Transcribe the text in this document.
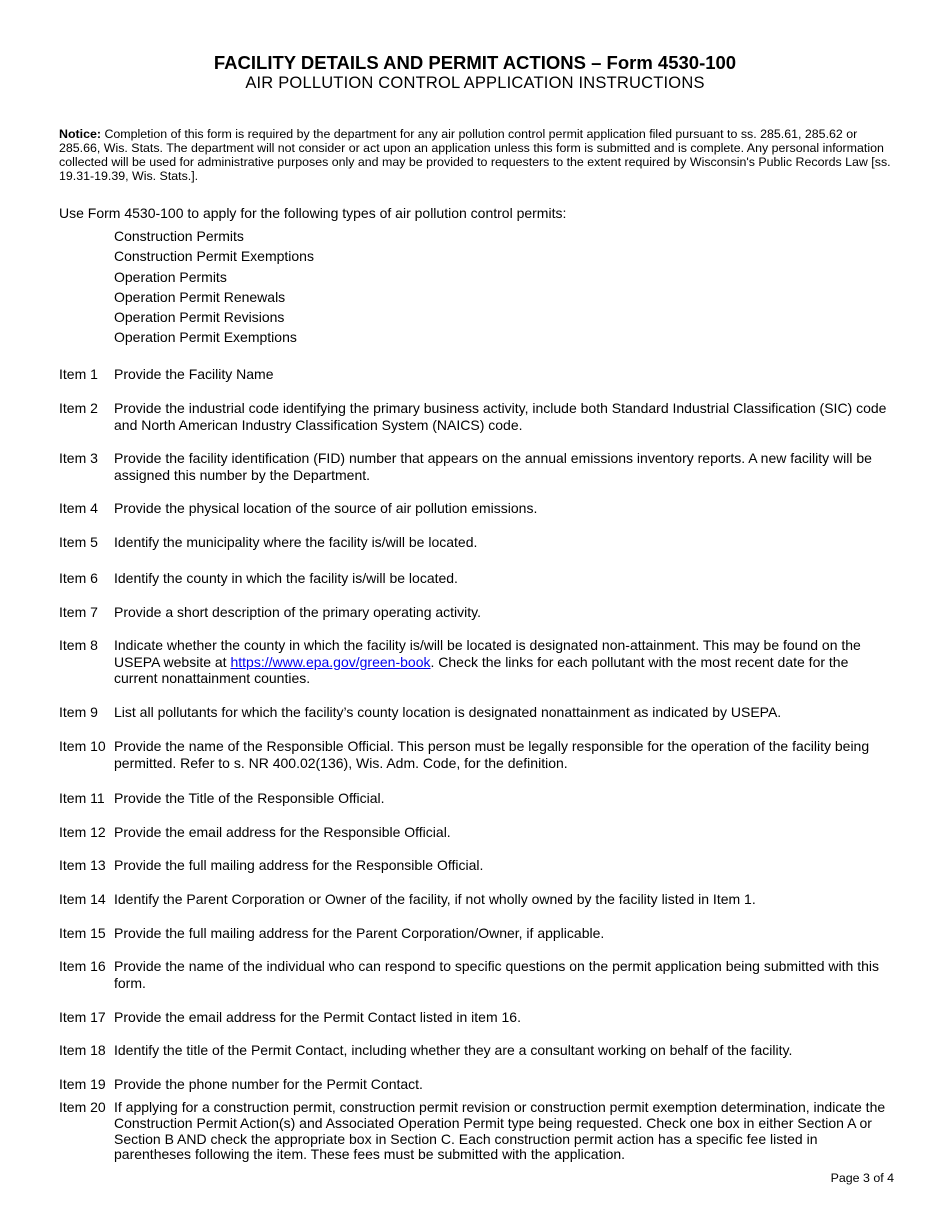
FACILITY DETAILS AND PERMIT ACTIONS – Form 4530-100
AIR POLLUTION CONTROL APPLICATION INSTRUCTIONS
Notice: Completion of this form is required by the department for any air pollution control permit application filed pursuant to ss. 285.61, 285.62 or 285.66, Wis. Stats. The department will not consider or act upon an application unless this form is submitted and is complete. Any personal information collected will be used for administrative purposes only and may be provided to requesters to the extent required by Wisconsin's Public Records Law [ss. 19.31-19.39, Wis. Stats.].
Use Form 4530-100 to apply for the following types of air pollution control permits:
Construction Permits
Construction Permit Exemptions
Operation Permits
Operation Permit Renewals
Operation Permit Revisions
Operation Permit Exemptions
Item 1	Provide the Facility Name
Item 2	Provide the industrial code identifying the primary business activity, include both Standard Industrial Classification (SIC) code and North American Industry Classification System (NAICS) code.
Item 3	Provide the facility identification (FID) number that appears on the annual emissions inventory reports. A new facility will be assigned this number by the Department.
Item 4	Provide the physical location of the source of air pollution emissions.
Item 5	Identify the municipality where the facility is/will be located.
Item 6	Identify the county in which the facility is/will be located.
Item 7	Provide a short description of the primary operating activity.
Item 8	Indicate whether the county in which the facility is/will be located is designated non-attainment. This may be found on the USEPA website at https://www.epa.gov/green-book. Check the links for each pollutant with the most recent date for the current nonattainment counties.
Item 9	List all pollutants for which the facility’s county location is designated nonattainment as indicated by USEPA.
Item 10 Provide the name of the Responsible Official. This person must be legally responsible for the operation of the facility being permitted. Refer to s. NR 400.02(136), Wis. Adm. Code, for the definition.
Item 11 Provide the Title of the Responsible Official.
Item 12 Provide the email address for the Responsible Official.
Item 13 Provide the full mailing address for the Responsible Official.
Item 14 Identify the Parent Corporation or Owner of the facility, if not wholly owned by the facility listed in Item 1.
Item 15 Provide the full mailing address for the Parent Corporation/Owner, if applicable.
Item 16 Provide the name of the individual who can respond to specific questions on the permit application being submitted with this form.
Item 17 Provide the email address for the Permit Contact listed in item 16.
Item 18 Identify the title of the Permit Contact, including whether they are a consultant working on behalf of the facility.
Item 19 Provide the phone number for the Permit Contact.
Item 20 If applying for a construction permit, construction permit revision or construction permit exemption determination, indicate the Construction Permit Action(s) and Associated Operation Permit type being requested. Check one box in either Section A or Section B AND check the appropriate box in Section C. Each construction permit action has a specific fee listed in parentheses following the item. These fees must be submitted with the application.
Page 3 of 4
